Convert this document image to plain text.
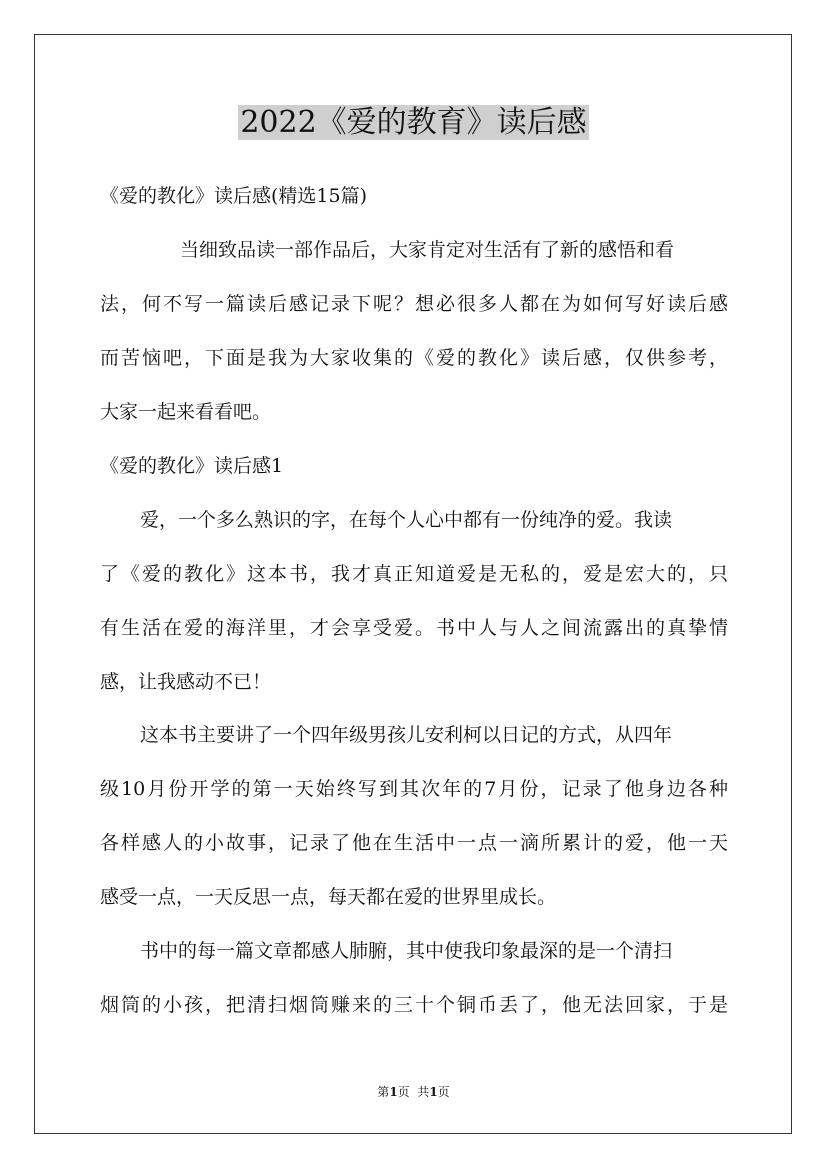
2022《爱的教育》读后感

《爱的教化》读后感(精选15篇)

当细致品读一部作品后，大家肯定对生活有了新的感悟和看

法，何不写一篇读后感记录下呢？想必很多人都在为如何写好读后感

而苦恼吧，下面是我为大家收集的《爱的教化》读后感，仅供参考，

大家一起来看看吧。

《爱的教化》读后感1

爱，一个多么熟识的字，在每个人心中都有一份纯净的爱。我读

了《爱的教化》这本书，我才真正知道爱是无私的，爱是宏大的，只

有生活在爱的海洋里，才会享受爱。书中人与人之间流露出的真挚情

感，让我感动不已！

这本书主要讲了一个四年级男孩儿安利柯以日记的方式，从四年

级10月份开学的第一天始终写到其次年的7月份，记录了他身边各种

各样感人的小故事，记录了他在生活中一点一滴所累计的爱，他一天

感受一点，一天反思一点，每天都在爱的世界里成长。

书中的每一篇文章都感人肺腑，其中使我印象最深的是一个清扫

烟筒的小孩，把清扫烟筒赚来的三十个铜币丢了，他无法回家，于是

第1页  共1页
